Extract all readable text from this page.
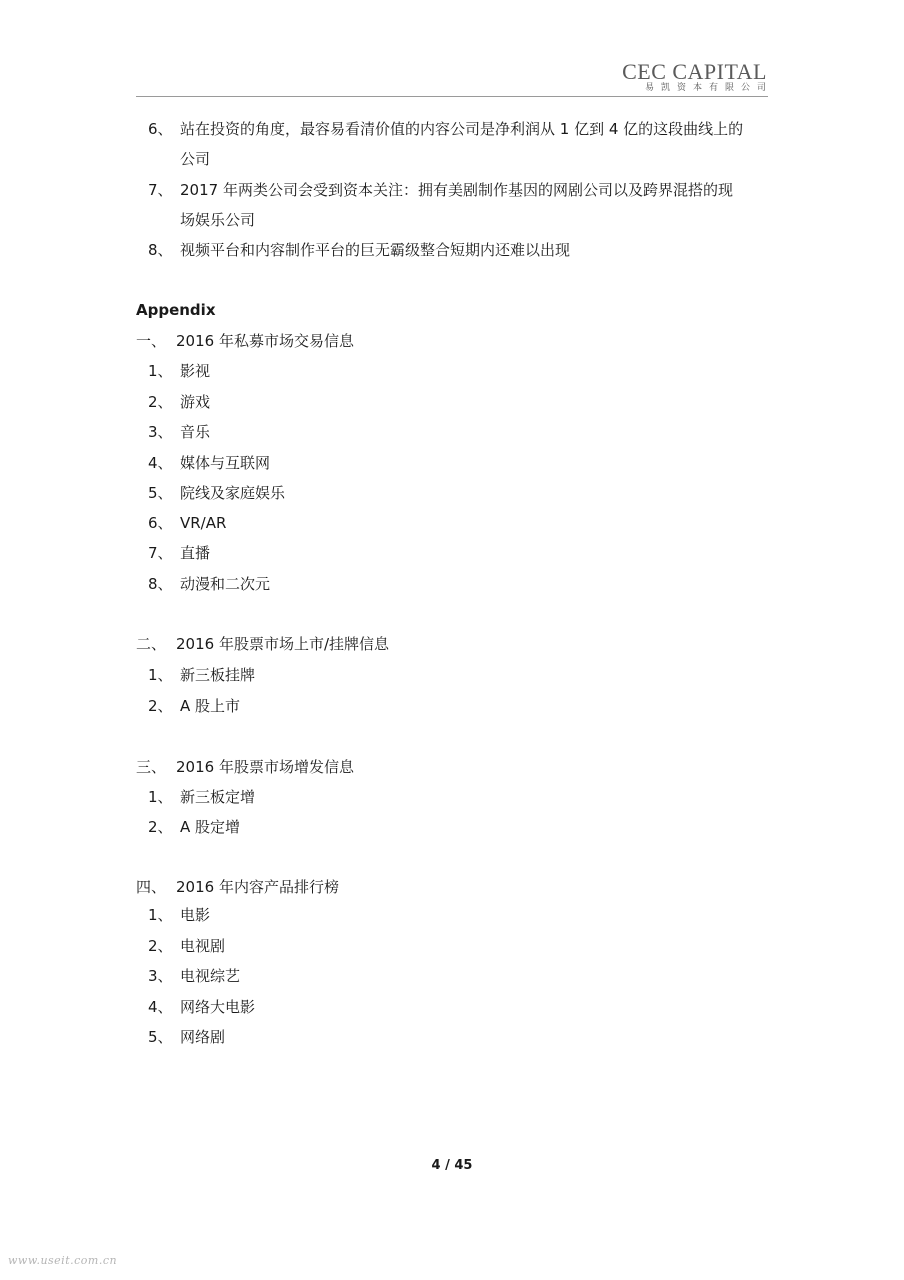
CEC CAPITAL
易凯资本有限公司
6、 站在投资的角度，最容易看清价值的内容公司是净利润从 1 亿到 4 亿的这段曲线上的
公司
7、 2017 年两类公司会受到资本关注：拥有美剧制作基因的网剧公司以及跨界混搭的现
场娱乐公司
8、 视频平台和内容制作平台的巨无霸级整合短期内还难以出现
Appendix
一、 2016 年私募市场交易信息
1、 影视
2、 游戏
3、 音乐
4、 媒体与互联网
5、 院线及家庭娱乐
6、 VR/AR
7、 直播
8、 动漫和二次元
二、 2016 年股票市场上市/挂牌信息
1、 新三板挂牌
2、 A 股上市
三、 2016 年股票市场增发信息
1、 新三板定增
2、 A 股定增
四、 2016 年内容产品排行榜
1、 电影
2、 电视剧
3、 电视综艺
4、 网络大电影
5、 网络剧
4 / 45
www.useit.com.cn
